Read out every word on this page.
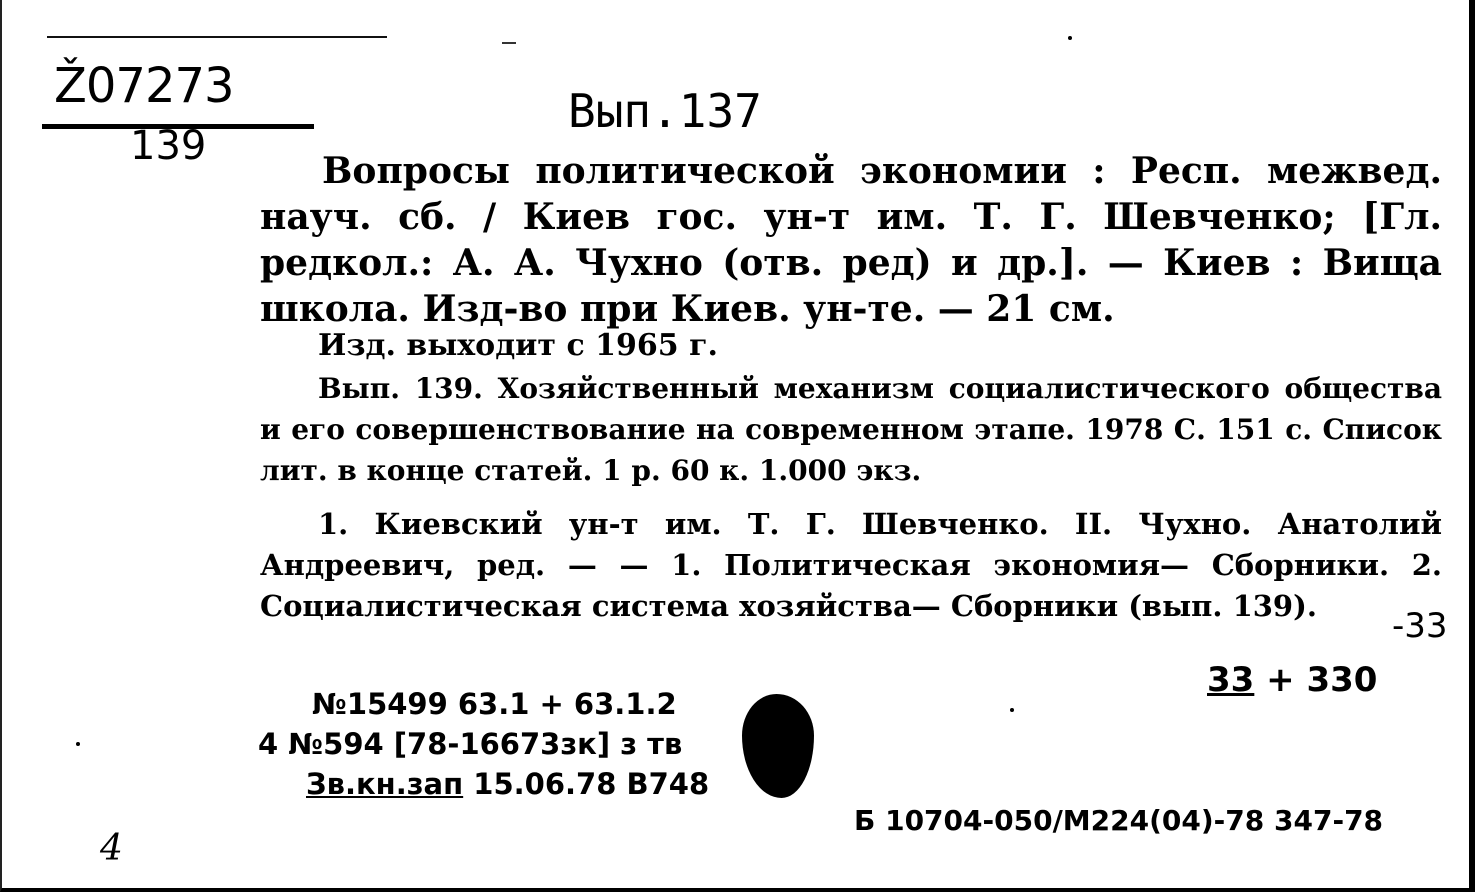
Ž07273
139
Вып.137
Вопросы политической экономии : Респ. межвед. науч. сб. / Киев гос. ун-т им. Т. Г. Шевченко; [Гл. редкол.: А. А. Чухно (отв. ред) и др.]. — Киев : Вища школа. Изд-во при Киев. ун-те. — 21 см.
Изд. выходит с 1965 г.
Вып. 139. Хозяйственный механизм социалистического общества и его совершенствование на современном этапе. 1978 С. 151 с. Список лит. в конце статей. 1 р. 60 к. 1.000 экз.
1. Киевский ун-т им. Т. Г. Шевченко. II. Чухно. Анатолий Андреевич, ред. — — 1. Политическая экономия— Сборники. 2. Социалистическая система хозяйства— Сборники (вып. 139).	-33
33 + 330
№15499 63.1 + 63.1.2
4 №594 [78-16673зк] з тв
Зв.кн.зап 15.06.78 В748
Б 10704-050/М224(04)-78 347-78
4
